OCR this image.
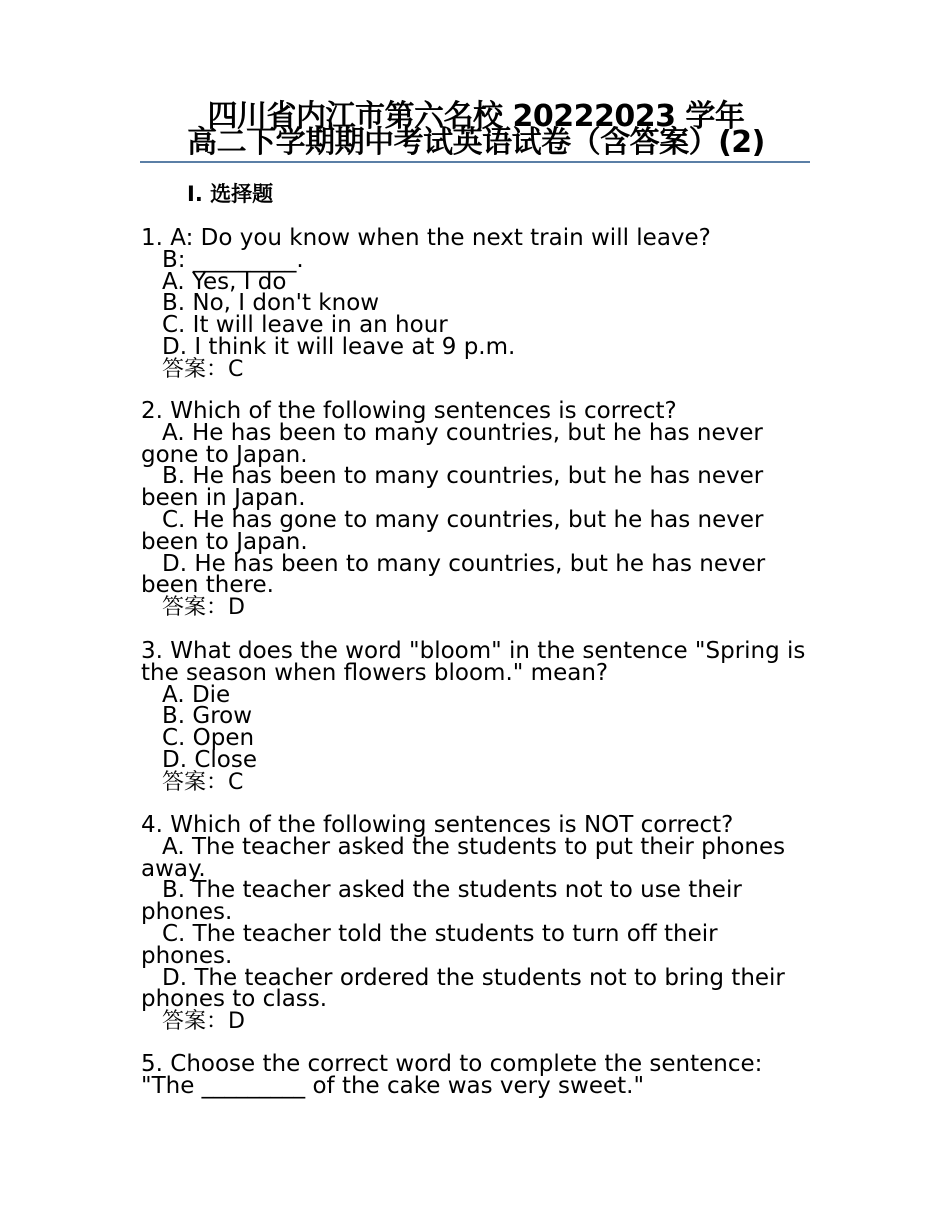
四川省内江市第六名校 20222023 学年
高二下学期期中考试英语试卷（含答案）(2)
I. 选择题
1. A: Do you know when the next train will leave?
B: _________.
A. Yes, I do
B. No, I don't know
C. It will leave in an hour
D. I think it will leave at 9 p.m.
答案：C
2. Which of the following sentences is correct?
A. He has been to many countries, but he has never gone to Japan.
B. He has been to many countries, but he has never been in Japan.
C. He has gone to many countries, but he has never been to Japan.
D. He has been to many countries, but he has never been there.
答案：D
3. What does the word "bloom" in the sentence "Spring is the season when flowers bloom." mean?
A. Die
B. Grow
C. Open
D. Close
答案：C
4. Which of the following sentences is NOT correct?
A. The teacher asked the students to put their phones away.
B. The teacher asked the students not to use their phones.
C. The teacher told the students to turn off their phones.
D. The teacher ordered the students not to bring their phones to class.
答案：D
5. Choose the correct word to complete the sentence: "The _________ of the cake was very sweet."
